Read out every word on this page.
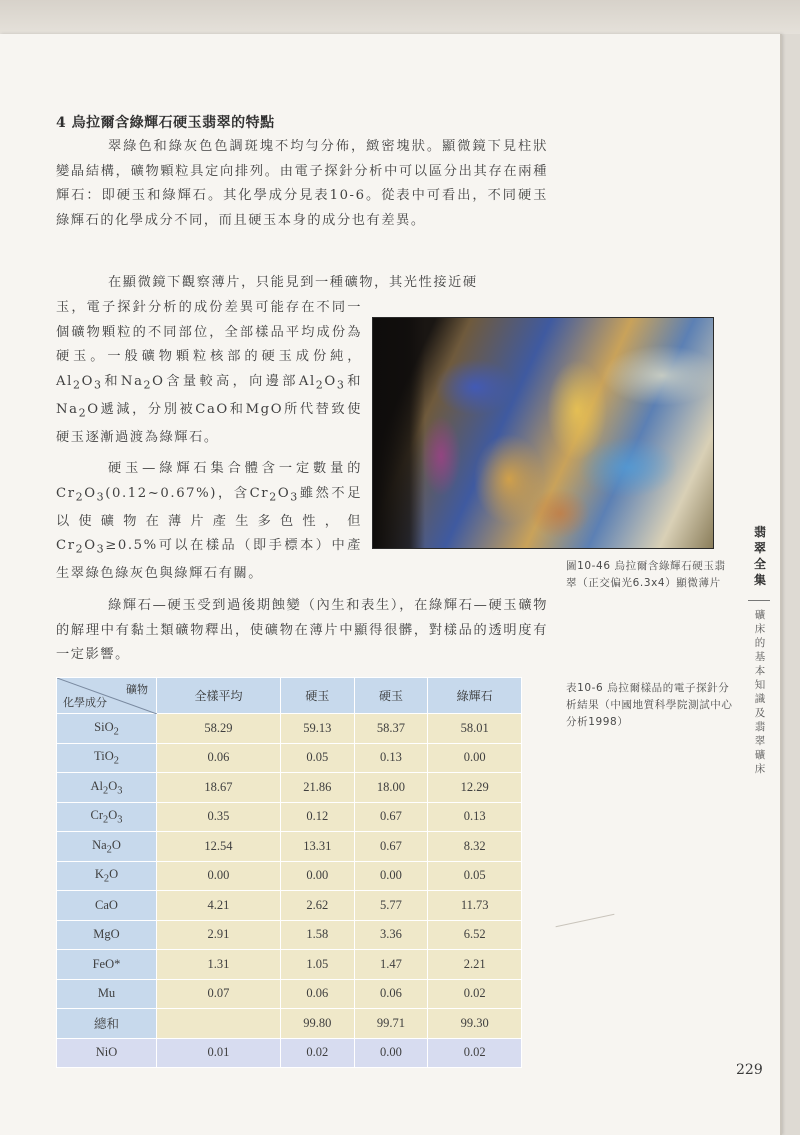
4 烏拉爾含綠輝石硬玉翡翠的特點

翠綠色和綠灰色色調斑塊不均勻分佈，緻密塊狀。顯微鏡下見柱狀變晶結構，礦物顆粒具定向排列。由電子探針分析中可以區分出其存在兩種輝石：即硬玉和綠輝石。其化學成分見表10-6。從表中可看出，不同硬玉綠輝石的化學成分不同，而且硬玉本身的成分也有差異。

在顯微鏡下觀察薄片，只能見到一種礦物，其光性接近硬

玉，電子探針分析的成份差異可能存在不同一個礦物顆粒的不同部位，全部樣品平均成份為硬玉。一般礦物顆粒核部的硬玉成份純，$Al_2O_3$和$Na_2O$含量較高，向邊部$Al_2O_3$和$Na_2O$遞減，分別被CaO和MgO所代替致使硬玉逐漸過渡為綠輝石。

硬玉—綠輝石集合體含一定數量的$Cr_2O_3(0.12\sim 0.67\%)$，含$Cr_2O_3$雖然不足以使礦物在薄片產生多色性，但$Cr_2O_3\ge 0.5\%$可以在樣品（即手標本）中產生翠綠色綠灰色與綠輝石有關。

綠輝石—硬玉受到過後期蝕變（內生和表生），在綠輝石—硬玉礦物的解理中有黏土類礦物釋出，使礦物在薄片中顯得很髒，對樣品的透明度有一定影響。

圖10-46 烏拉爾含綠輝石硬玉翡翠（正交偏光6.3x4）顯微薄片
表10-6 烏拉爾樣品的電子探針分析結果（中國地質科學院測試中心分析1998）
翡翠全集
礦床的基本知識及翡翠礦床
礦物
化學成分	全樣平均	硬玉	硬玉	綠輝石
SiO$_2$	58.29	59.13	58.37	58.01
TiO$_2$	0.06	0.05	0.13	0.00
$Al_2O_3$	18.67	21.86	18.00	12.29
$Cr_2O_3$	0.35	0.12	0.67	0.13
$Na_2O$	12.54	13.31	0.67	8.32
$K_2O$	0.00	0.00	0.00	0.05
CaO	4.21	2.62	5.77	11.73
MgO	2.91	1.58	3.36	6.52
FeO*	1.31	1.05	1.47	2.21
Mu	0.07	0.06	0.06	0.02
總和		99.80	99.71	99.30
NiO	0.01	0.02	0.00	0.02
229
